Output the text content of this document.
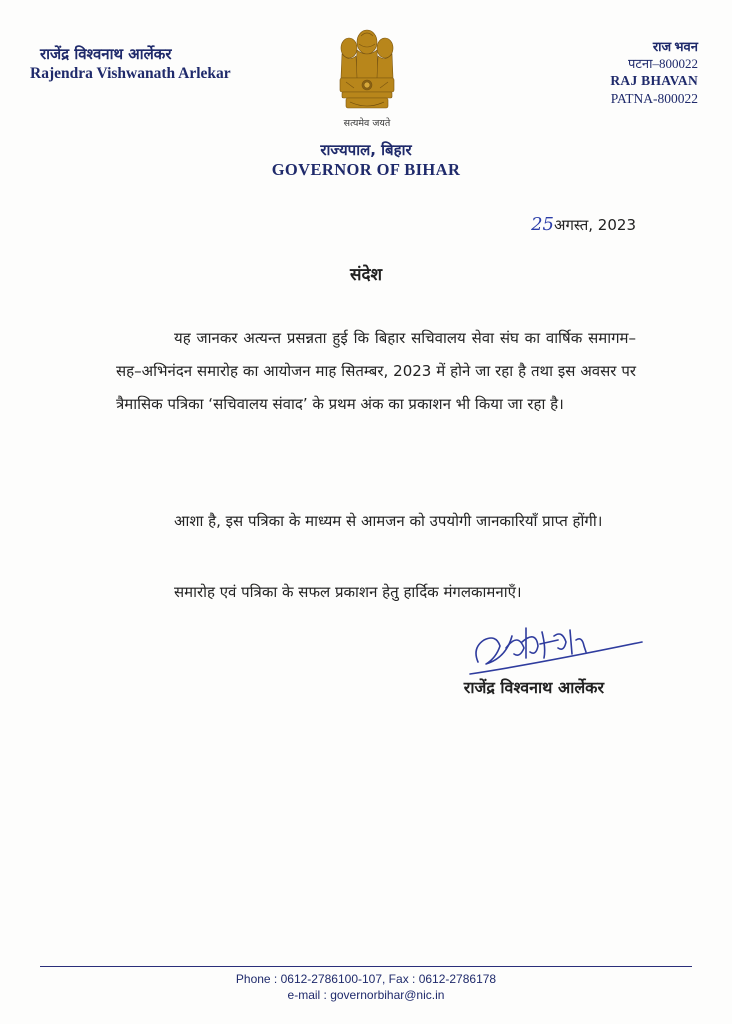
राजेंद्र विश्वनाथ आर्लेकर
Rajendra Vishwanath Arlekar
सत्यमेव जयते
राज भवन
पटना–800022
RAJ BHAVAN
PATNA-800022
राज्यपाल, बिहार
GOVERNOR OF BIHAR
25अगस्त, 2023
संदेश
यह जानकर अत्यन्त प्रसन्नता हुई कि बिहार सचिवालय सेवा संघ का वार्षिक समागम–सह–अभिनंदन समारोह का आयोजन माह सितम्बर, 2023 में होने जा रहा है तथा इस अवसर पर त्रैमासिक पत्रिका ‘सचिवालय संवाद’ के प्रथम अंक का प्रकाशन भी किया जा रहा है।
आशा है, इस पत्रिका के माध्यम से आमजन को उपयोगी जानकारियाँ प्राप्त होंगी।
समारोह एवं पत्रिका के सफल प्रकाशन हेतु हार्दिक मंगलकामनाएँ।
राजेंद्र विश्वनाथ आर्लेकर
Phone : 0612-2786100-107, Fax : 0612-2786178
e-mail : governorbihar@nic.in
